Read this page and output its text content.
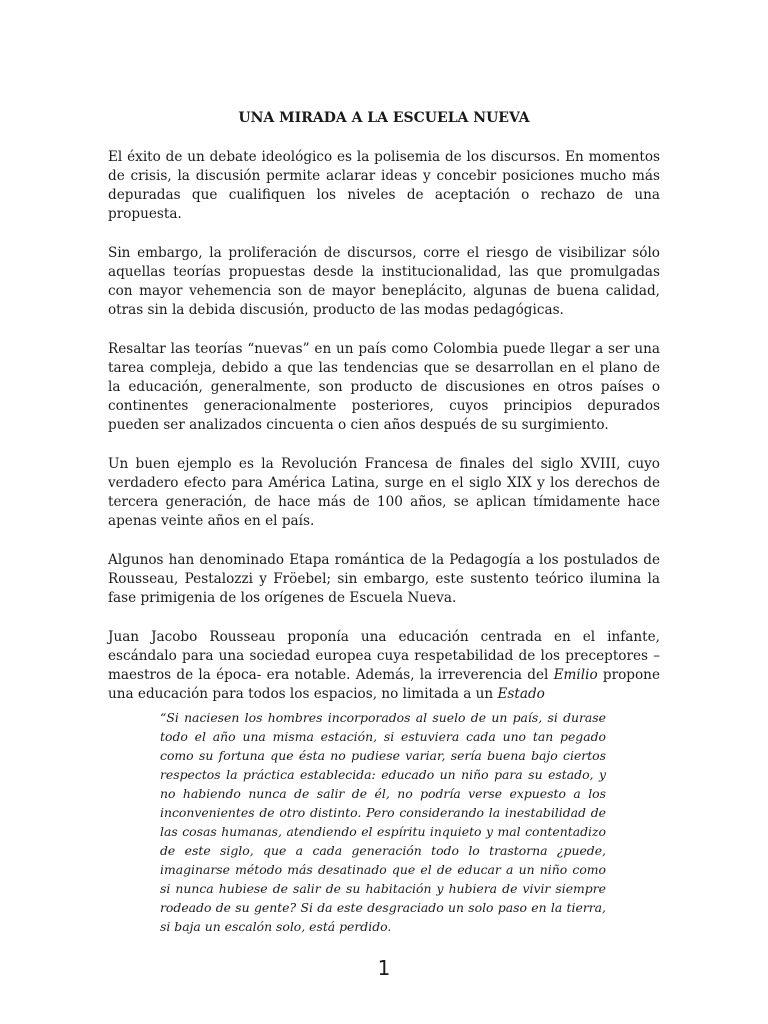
UNA MIRADA A LA ESCUELA NUEVA

El éxito de un debate ideológico es la polisemia de los discursos. En momentos de crisis, la discusión permite aclarar ideas y concebir posiciones mucho más depuradas que cualifiquen los niveles de aceptación o rechazo de una propuesta.

Sin embargo, la proliferación de discursos, corre el riesgo de visibilizar sólo aquellas teorías propuestas desde la institucionalidad, las que promulgadas con mayor vehemencia son de mayor beneplácito, algunas de buena calidad, otras sin la debida discusión, producto de las modas pedagógicas.

Resaltar las teorías “nuevas” en un país como Colombia puede llegar a ser una tarea compleja, debido a que las tendencias que se desarrollan en el plano de la educación, generalmente, son producto de discusiones en otros países o continentes generacionalmente posteriores, cuyos principios depurados pueden ser analizados cincuenta o cien años después de su surgimiento.

Un buen ejemplo es la Revolución Francesa de finales del siglo XVIII, cuyo verdadero efecto para América Latina, surge en el siglo XIX y los derechos de tercera generación, de hace más de 100 años, se aplican tímidamente hace apenas veinte años en el país.

Algunos han denominado Etapa romántica de la Pedagogía a los postulados de Rousseau, Pestalozzi y Fröebel; sin embargo, este sustento teórico ilumina la fase primigenia de los orígenes de Escuela Nueva.

Juan Jacobo Rousseau proponía una educación centrada en el infante, escándalo para una sociedad europea cuya respetabilidad de los preceptores – maestros de la época- era notable. Además, la irreverencia del Emilio propone una educación para todos los espacios, no limitada a un Estado

“Si naciesen los hombres incorporados al suelo de un país, si durase todo el año una misma estación, si estuviera cada uno tan pegado como su fortuna que ésta no pudiese variar, sería buena bajo ciertos respectos la práctica establecida: educado un niño para su estado, y no habiendo nunca de salir de él, no podría verse expuesto a los inconvenientes de otro distinto. Pero considerando la inestabilidad de las cosas humanas, atendiendo el espíritu inquieto y mal contentadizo de este siglo, que a cada generación todo lo trastorna ¿puede, imaginarse método más desatinado que el de educar a un niño como si nunca hubiese de salir de su habitación y hubiera de vivir siempre rodeado de su gente? Si da este desgraciado un solo paso en la tierra, si baja un escalón solo, está perdido.

1
